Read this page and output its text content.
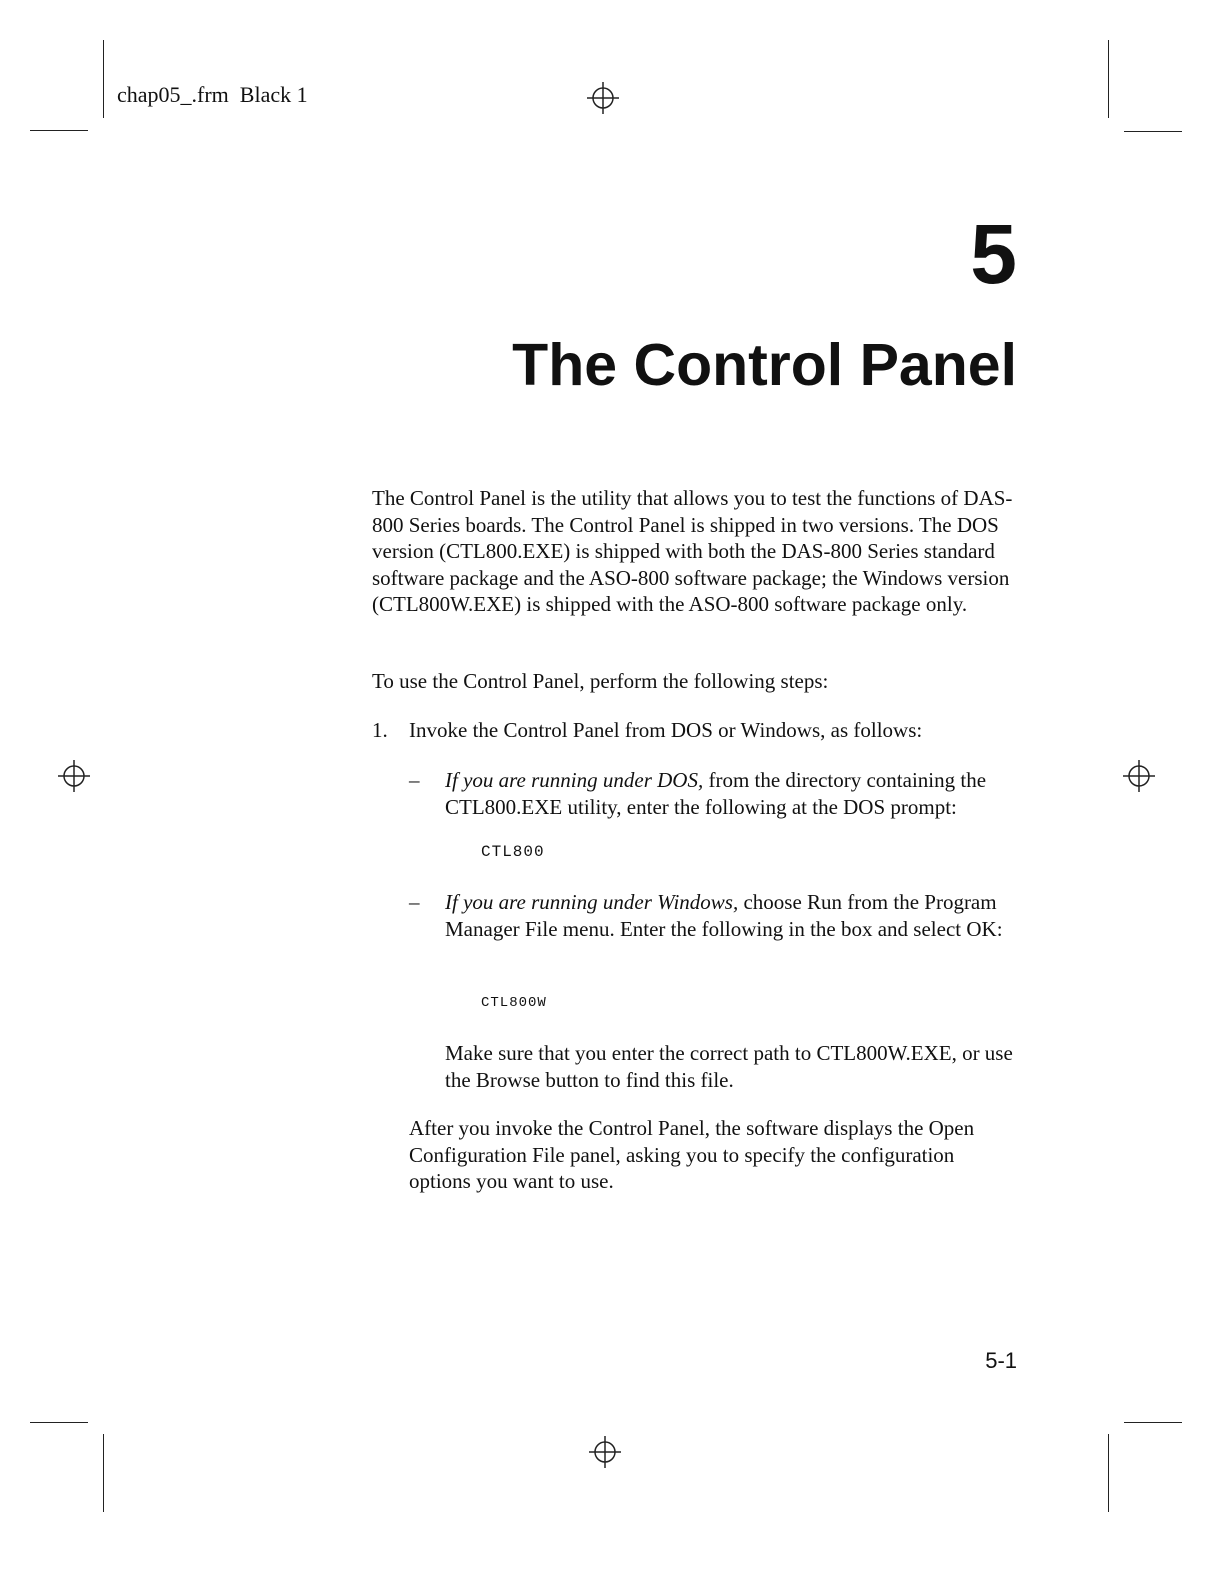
chap05_.frm Black 1
5
The Control Panel
The Control Panel is the utility that allows you to test the functions of DAS-800 Series boards. The Control Panel is shipped in two versions. The DOS version (CTL800.EXE) is shipped with both the DAS-800 Series standard software package and the ASO-800 software package; the Windows version (CTL800W.EXE) is shipped with the ASO-800 software package only.
To use the Control Panel, perform the following steps:
1. Invoke the Control Panel from DOS or Windows, as follows:
– If you are running under DOS, from the directory containing the CTL800.EXE utility, enter the following at the DOS prompt:
CTL800
– If you are running under Windows, choose Run from the Program Manager File menu. Enter the following in the box and select OK:
CTL800W
Make sure that you enter the correct path to CTL800W.EXE, or use the Browse button to find this file.
After you invoke the Control Panel, the software displays the Open Configuration File panel, asking you to specify the configuration options you want to use.
5-1
